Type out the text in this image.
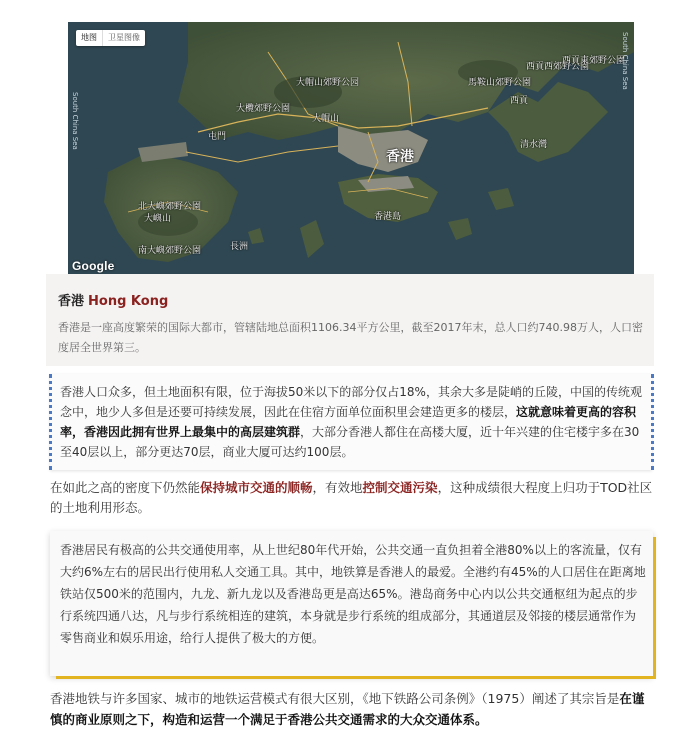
地图	卫星图像
大帽山郊野公园
大欖郊野公園
大帽山
馬鞍山郊野公園
西貢西郊野公園
西貢東郊野公園
西貢
清水灣
香港
屯門
大嶼山
北大嶼郊野公園
南大嶼郊野公園
香港島
長洲
South China Sea
South China Sea
Google
香港 Hong Kong
香港是一座高度繁荣的国际大都市，管辖陆地总面积1106.34平方公里，截至2017年末，总人口约740.98万人，人口密度居全世界第三。

香港人口众多，但土地面积有限，位于海拔50米以下的部分仅占18%，其余大多是陡峭的丘陵，中国的传统观念中，地少人多但是还要可持续发展，因此在住宿方面单位面积里会建造更多的楼层，这就意味着更高的容积率，香港因此拥有世界上最集中的高层建筑群，大部分香港人都住在高楼大厦，近十年兴建的住宅楼宇多在30至40层以上，部分更达70层，商业大厦可达约100层。

在如此之高的密度下仍然能保持城市交通的顺畅，有效地控制交通污染，这种成绩很大程度上归功于TOD社区的土地利用形态。

香港居民有极高的公共交通使用率，从上世纪80年代开始，公共交通一直负担着全港80%以上的客流量，仅有大约6%左右的居民出行使用私人交通工具。其中，地铁算是香港人的最爱。全港约有45%的人口居住在距离地铁站仅500米的范围内，九龙、新九龙以及香港岛更是高达65%。港岛商务中心内以公共交通枢纽为起点的步行系统四通八达，凡与步行系统相连的建筑，本身就是步行系统的组成部分，其通道层及邻接的楼层通常作为零售商业和娱乐用途，给行人提供了极大的方便。

香港地铁与许多国家、城市的地铁运营模式有很大区别，《地下铁路公司条例》（1975）阐述了其宗旨是在谨慎的商业原则之下，构造和运营一个满足于香港公共交通需求的大众交通体系。
